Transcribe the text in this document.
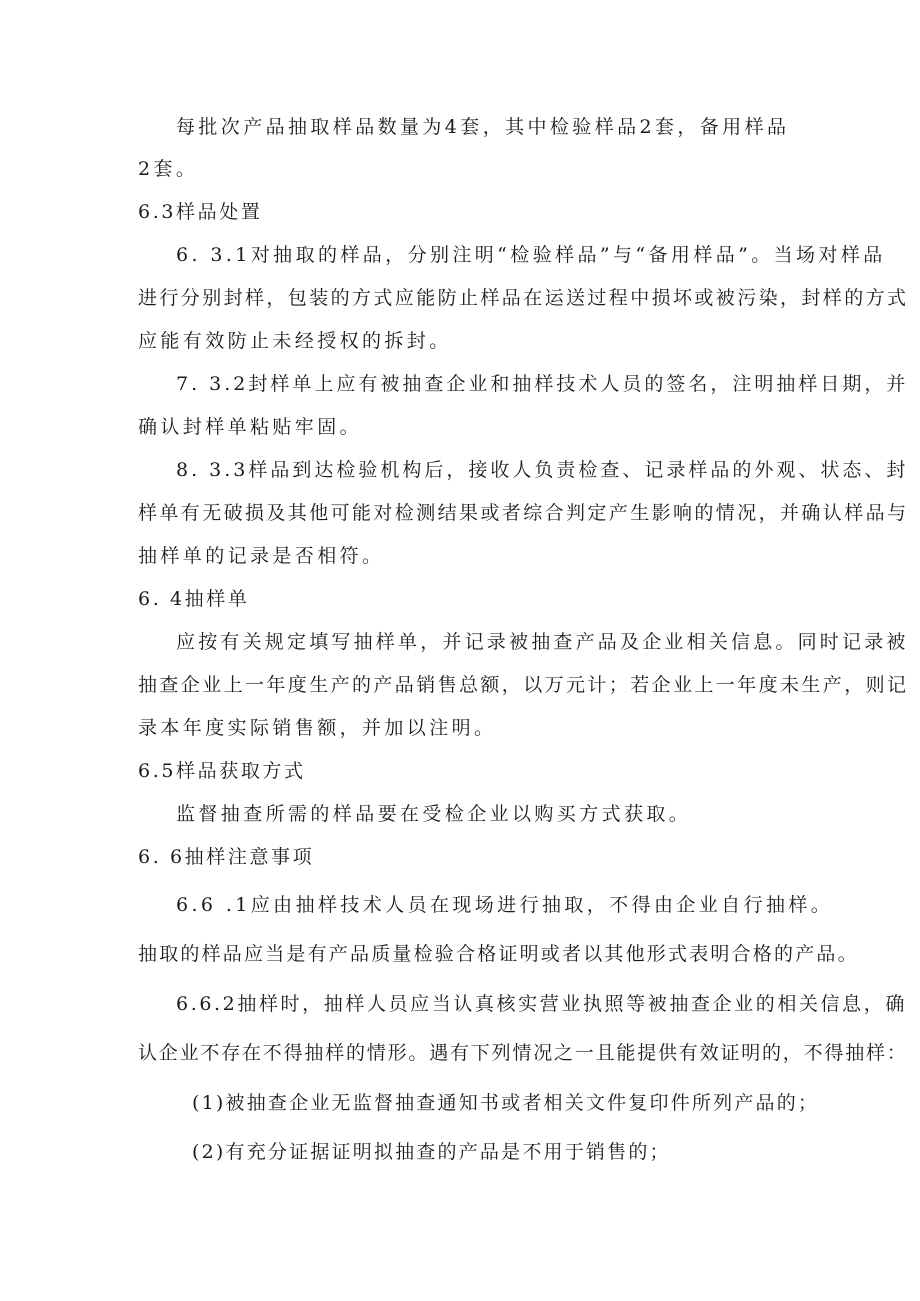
每批次产品抽取样品数量为4套，其中检验样品2套，备用样品

2套。

6.3样品处置

6. 3.1对抽取的样品，分别注明“检验样品”与“备用样品”。当场对样品

进行分别封样，包装的方式应能防止样品在运送过程中损坏或被污染，封样的方式

应能有效防止未经授权的拆封。

7. 3.2封样单上应有被抽查企业和抽样技术人员的签名，注明抽样日期，并

确认封样单粘贴牢固。

8. 3.3样品到达检验机构后，接收人负责检查、记录样品的外观、状态、封

样单有无破损及其他可能对检测结果或者综合判定产生影响的情况，并确认样品与

抽样单的记录是否相符。

6. 4抽样单

应按有关规定填写抽样单，并记录被抽查产品及企业相关信息。同时记录被

抽查企业上一年度生产的产品销售总额，以万元计；若企业上一年度未生产，则记

录本年度实际销售额，并加以注明。

6.5样品获取方式

监督抽查所需的样品要在受检企业以购买方式获取。

6. 6抽样注意事项

6.6 .1应由抽样技术人员在现场进行抽取，不得由企业自行抽样。

抽取的样品应当是有产品质量检验合格证明或者以其他形式表明合格的产品。

6.6.2抽样时，抽样人员应当认真核实营业执照等被抽查企业的相关信息，确

认企业不存在不得抽样的情形。遇有下列情况之一且能提供有效证明的，不得抽样：

(1)被抽查企业无监督抽查通知书或者相关文件复印件所列产品的；

(2)有充分证据证明拟抽查的产品是不用于销售的；
